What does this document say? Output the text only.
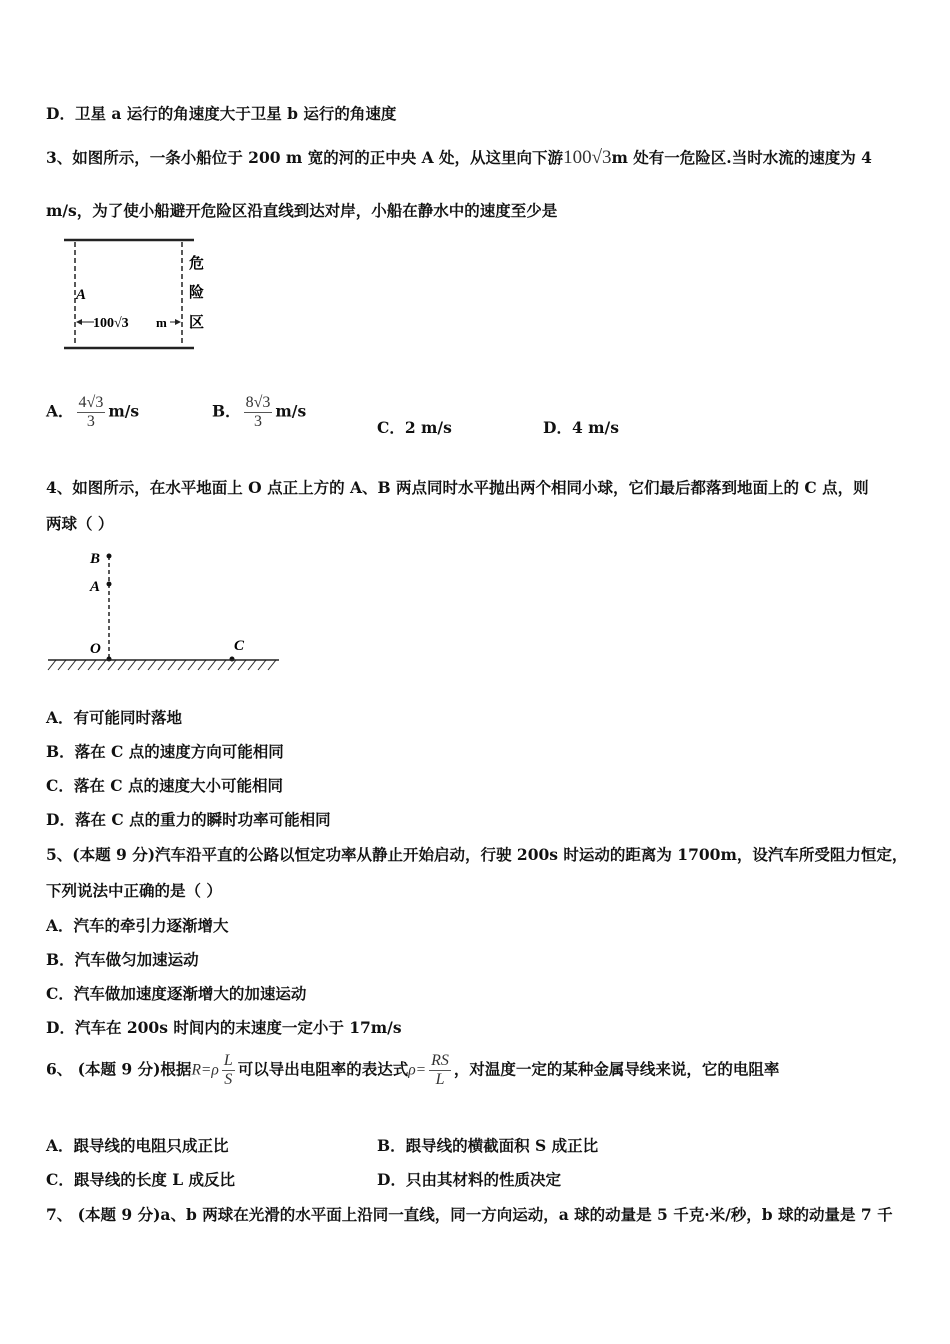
D．卫星 a 运行的角速度大于卫星 b 运行的角速度
3、如图所示，一条小船位于 200 m 宽的河的正中央 A 处，从这里向下游100√3m 处有一危险区.当时水流的速度为 4
m/s，为了使小船避开危险区沿直线到达对岸，小船在静水中的速度至少是
A
100√3 m
危
险
区
A． $\frac{4√3}{3} m/s$	B． $\frac{8√3}{3} m/s$
C．2 m/s	D．4 m/s
4、如图所示，在水平地面上 O 点正上方的 A、B 两点同时水平抛出两个相同小球，它们最后都落到地面上的 C 点，则
两球（ ）
B
A
O	C
A．有可能同时落地
B．落在 C 点的速度方向可能相同
C．落在 C 点的速度大小可能相同
D．落在 C 点的重力的瞬时功率可能相同
5、(本题 9 分)汽车沿平直的公路以恒定功率从静止开始启动，行驶 200s 时运动的距离为 1700m，设汽车所受阻力恒定，
下列说法中正确的是（ ）
A．汽车的牵引力逐渐增大
B．汽车做匀加速运动
C．汽车做加速度逐渐增大的加速运动
D．汽车在 200s 时间内的末速度一定小于 17m/s
6、 (本题 9 分)根据$R=\rho \frac{L}{S}$ 可以导出电阻率的表达式$\rho= \frac{RS}{L}$ ，对温度一定的某种金属导线来说，它的电阻率
A．跟导线的电阻只成正比	B．跟导线的横截面积 S 成正比
C．跟导线的长度 L 成反比	D．只由其材料的性质决定
7、 (本题 9 分)a、b 两球在光滑的水平面上沿同一直线，同一方向运动，a 球的动量是 5 千克·米/秒，b 球的动量是 7 千
